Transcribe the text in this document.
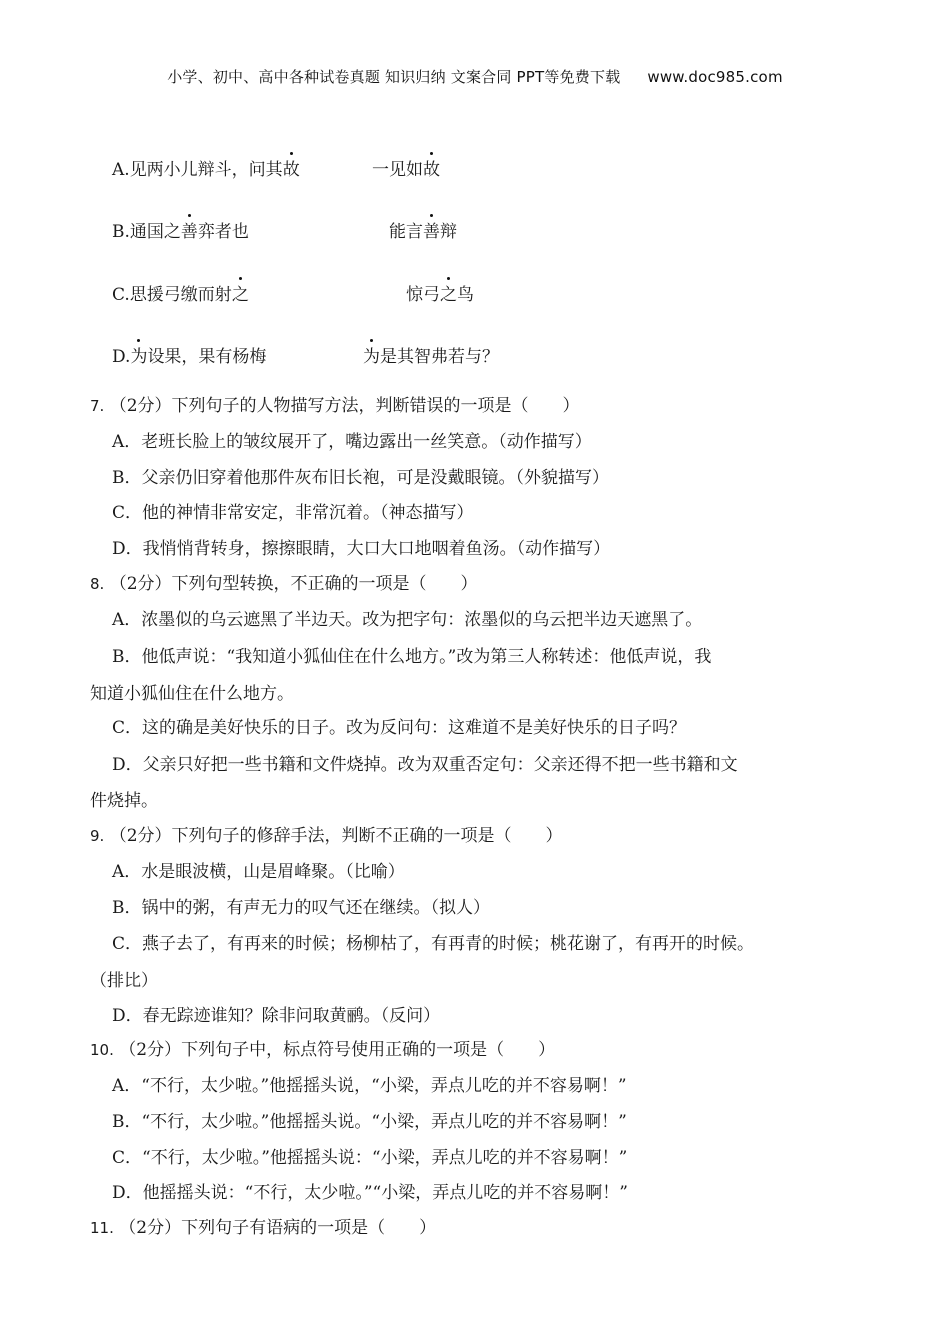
小学、初中、高中各种试卷真题 知识归纳 文案合同 PPT等免费下载 www.doc985.com
A.见两小儿辩斗，问其故	一见如故
B.通国之善弈者也	能言善辩
C.思援弓缴而射之	惊弓之鸟
D.为设果，果有杨梅	为是其智弗若与？
7. （2分）下列句子的人物描写方法，判断错误的一项是（　　）
A．老班长脸上的皱纹展开了，嘴边露出一丝笑意。（动作描写）
B．父亲仍旧穿着他那件灰布旧长袍，可是没戴眼镜。（外貌描写）
C．他的神情非常安定，非常沉着。（神态描写）
D．我悄悄背转身，擦擦眼睛，大口大口地咽着鱼汤。（动作描写）
8. （2分）下列句型转换，不正确的一项是（　　）
A．浓墨似的乌云遮黑了半边天。改为把字句：浓墨似的乌云把半边天遮黑了。
B．他低声说：“我知道小狐仙住在什么地方。”改为第三人称转述：他低声说，我
知道小狐仙住在什么地方。
C．这的确是美好快乐的日子。改为反问句：这难道不是美好快乐的日子吗？
D．父亲只好把一些书籍和文件烧掉。改为双重否定句：父亲还得不把一些书籍和文
件烧掉。
9. （2分）下列句子的修辞手法，判断不正确的一项是（　　）
A．水是眼波横，山是眉峰聚。（比喻）
B．锅中的粥，有声无力的叹气还在继续。（拟人）
C．燕子去了，有再来的时候；杨柳枯了，有再青的时候；桃花谢了，有再开的时候。
（排比）
D．春无踪迹谁知？除非问取黄鹂。（反问）
10. （2分）下列句子中，标点符号使用正确的一项是（　　）
A．“不行，太少啦。”他摇摇头说，“小梁，弄点儿吃的并不容易啊！”
B．“不行，太少啦。”他摇摇头说。“小梁，弄点儿吃的并不容易啊！”
C．“不行，太少啦。”他摇摇头说：“小梁，弄点儿吃的并不容易啊！”
D．他摇摇头说：“不行，太少啦。”“小梁，弄点儿吃的并不容易啊！”
11. （2分）下列句子有语病的一项是（　　）
